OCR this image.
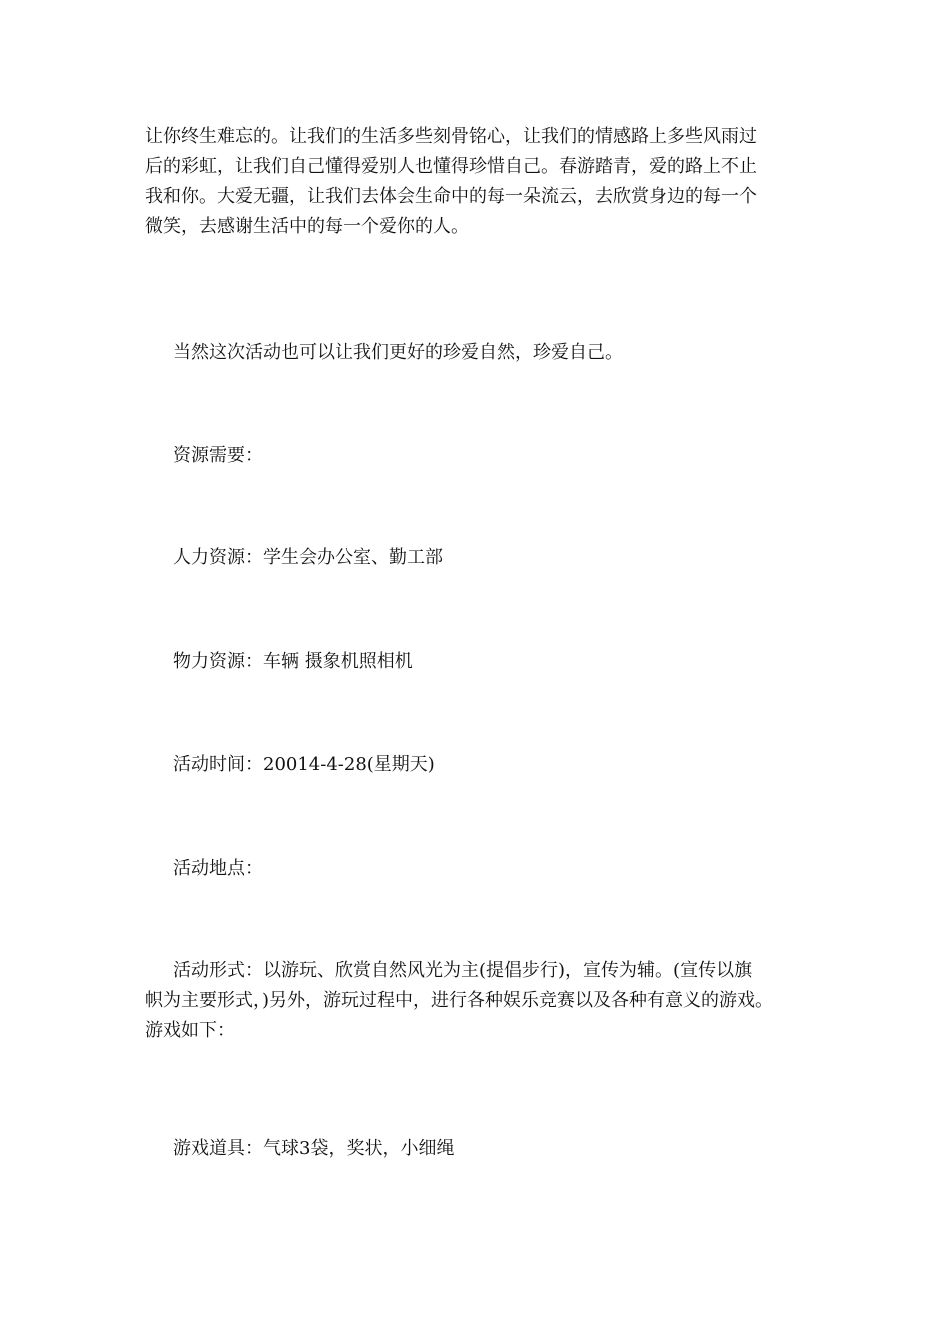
让你终生难忘的。让我们的生活多些刻骨铭心，让我们的情感路上多些风雨过
后的彩虹，让我们自己懂得爱别人也懂得珍惜自己。春游踏青，爱的路上不止
我和你。大爱无疆，让我们去体会生命中的每一朵流云，去欣赏身边的每一个
微笑，去感谢生活中的每一个爱你的人。

当然这次活动也可以让我们更好的珍爱自然，珍爱自己。

资源需要：

人力资源：学生会办公室、勤工部

物力资源：车辆 摄象机照相机

活动时间：20014-4-28(星期天)

活动地点：

活动形式：以游玩、欣赏自然风光为主(提倡步行)，宣传为辅。(宣传以旗
帜为主要形式，)另外，游玩过程中，进行各种娱乐竞赛以及各种有意义的游戏。
游戏如下：

游戏道具：气球3袋，奖状，小细绳
